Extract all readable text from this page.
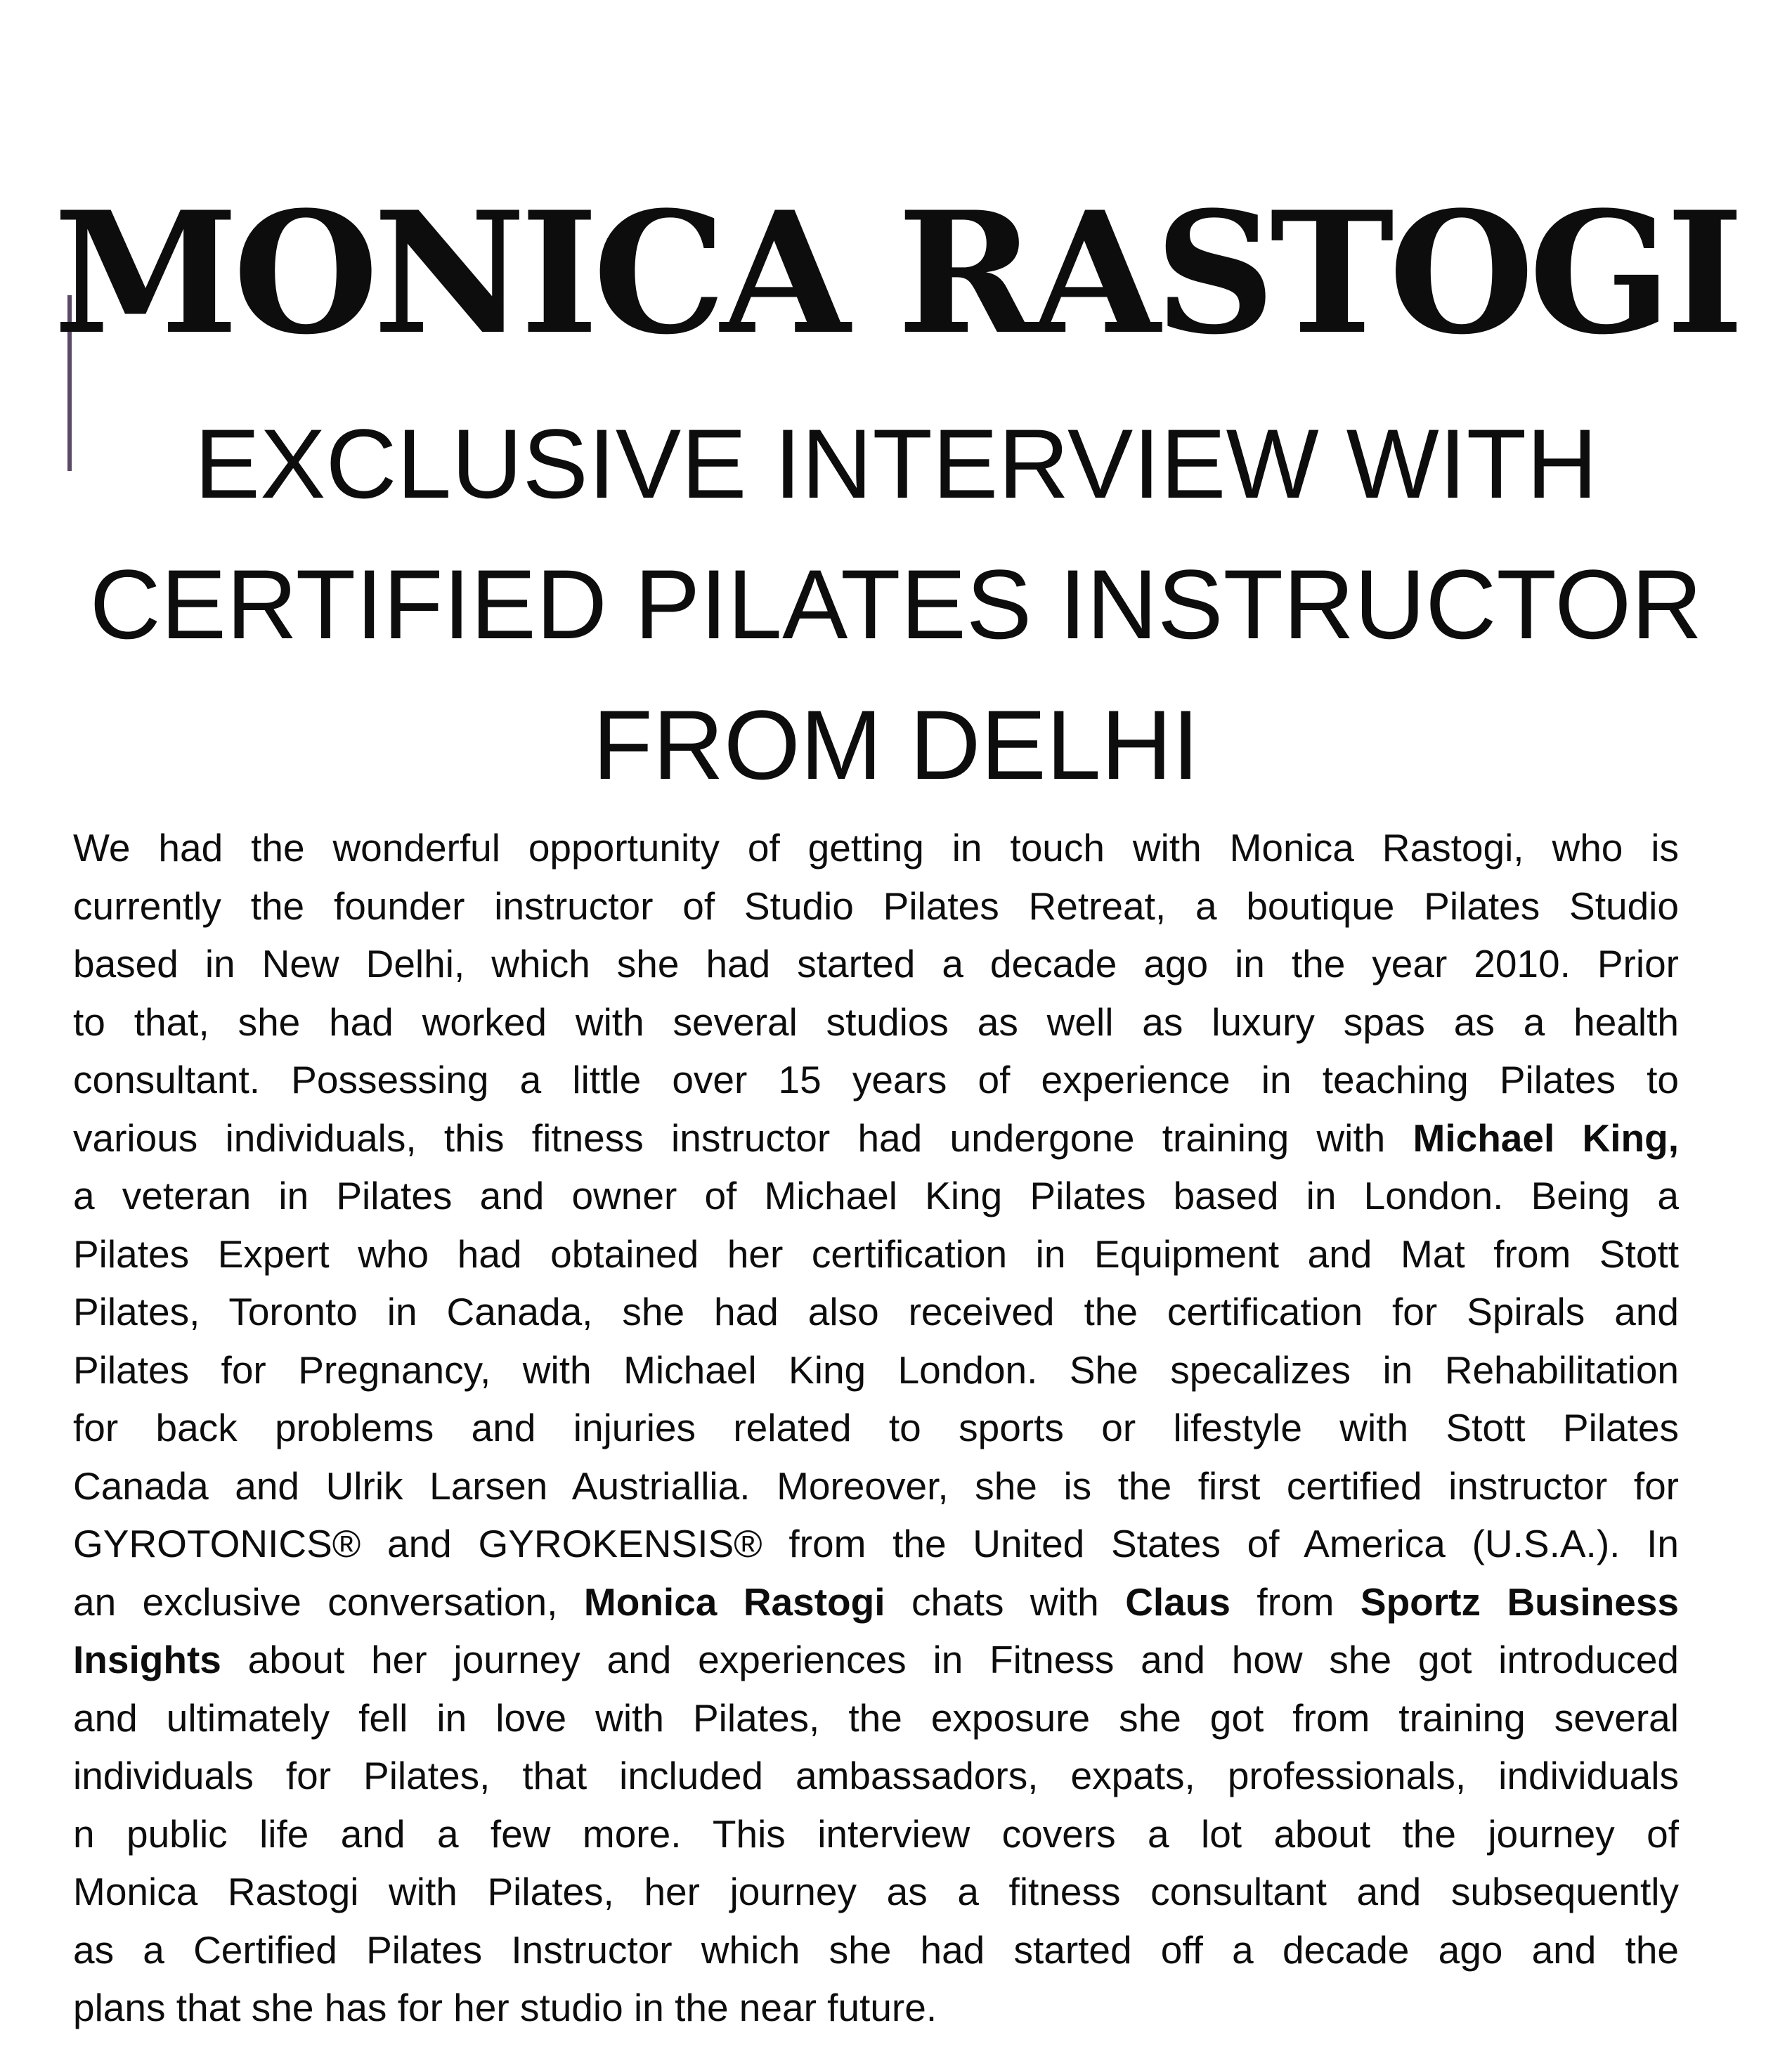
MONICA RASTOGI
EXCLUSIVE INTERVIEW WITH
CERTIFIED PILATES INSTRUCTOR
FROM DELHI

We had the wonderful opportunity of getting in touch with Monica Rastogi, who is
currently the founder instructor of Studio Pilates Retreat, a boutique Pilates Studio
based in New Delhi, which she had started a decade ago in the year 2010. Prior
to that, she had worked with several studios as well as luxury spas as a health
consultant. Possessing a little over 15 years of experience in teaching Pilates to
various individuals, this fitness instructor had undergone training with Michael King,
a veteran in Pilates and owner of Michael King Pilates based in London. Being a
Pilates Expert who had obtained her certification in Equipment and Mat from Stott
Pilates, Toronto in Canada, she had also received the certification for Spirals and
Pilates for Pregnancy, with Michael King London. She specalizes in Rehabilitation
for back problems and injuries related to sports or lifestyle with Stott Pilates
Canada and Ulrik Larsen Austriallia. Moreover, she is the first certified instructor for
GYROTONICS® and GYROKENSIS® from the United States of America (U.S.A.). In
an exclusive conversation, Monica Rastogi chats with Claus from Sportz Business
Insights about her journey and experiences in Fitness and how she got introduced
and ultimately fell in love with Pilates, the exposure she got from training several
individuals for Pilates, that included ambassadors, expats, professionals, individuals
n public life and a few more. This interview covers a lot about the journey of
Monica Rastogi with Pilates, her journey as a fitness consultant and subsequently
as a Certified Pilates Instructor which she had started off a decade ago and the
plans that she has for her studio in the near future.
